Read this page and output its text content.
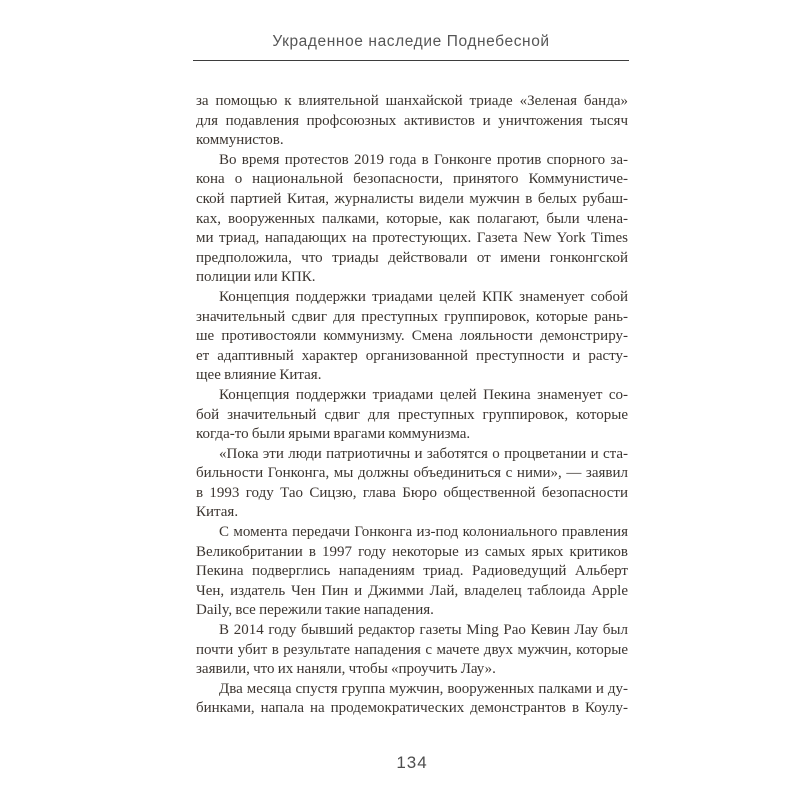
Украденное наследие Поднебесной
за помощью к влиятельной шанхайской триаде «Зеленая банда»
для подавления профсоюзных активистов и уничтожения тысяч
коммунистов.
Во время протестов 2019 года в Гонконге против спорного за-
кона о национальной безопасности, принятого Коммунистиче-
ской партией Китая, журналисты видели мужчин в белых рубаш-
ках, вооруженных палками, которые, как полагают, были члена-
ми триад, нападающих на протестующих. Газета New York Times
предположила, что триады действовали от имени гонконгской
полиции или КПК.
Концепция поддержки триадами целей КПК знаменует собой
значительный сдвиг для преступных группировок, которые рань-
ше противостояли коммунизму. Смена лояльности демонстриру-
ет адаптивный характер организованной преступности и расту-
щее влияние Китая.
Концепция поддержки триадами целей Пекина знаменует со-
бой значительный сдвиг для преступных группировок, которые
когда-то были ярыми врагами коммунизма.
«Пока эти люди патриотичны и заботятся о процветании и ста-
бильности Гонконга, мы должны объединиться с ними», — заявил
в 1993 году Тао Сицзю, глава Бюро общественной безопасности
Китая.
С момента передачи Гонконга из-под колониального правления
Великобритании в 1997 году некоторые из самых ярых критиков
Пекина подверглись нападениям триад. Радиоведущий Альберт
Чен, издатель Чен Пин и Джимми Лай, владелец таблоида Apple
Daily, все пережили такие нападения.
В 2014 году бывший редактор газеты Ming Pao Кевин Лау был
почти убит в результате нападения с мачете двух мужчин, которые
заявили, что их наняли, чтобы «проучить Лау».
Два месяца спустя группа мужчин, вооруженных палками и ду-
бинками, напала на продемократических демонстрантов в Коулу-
134
